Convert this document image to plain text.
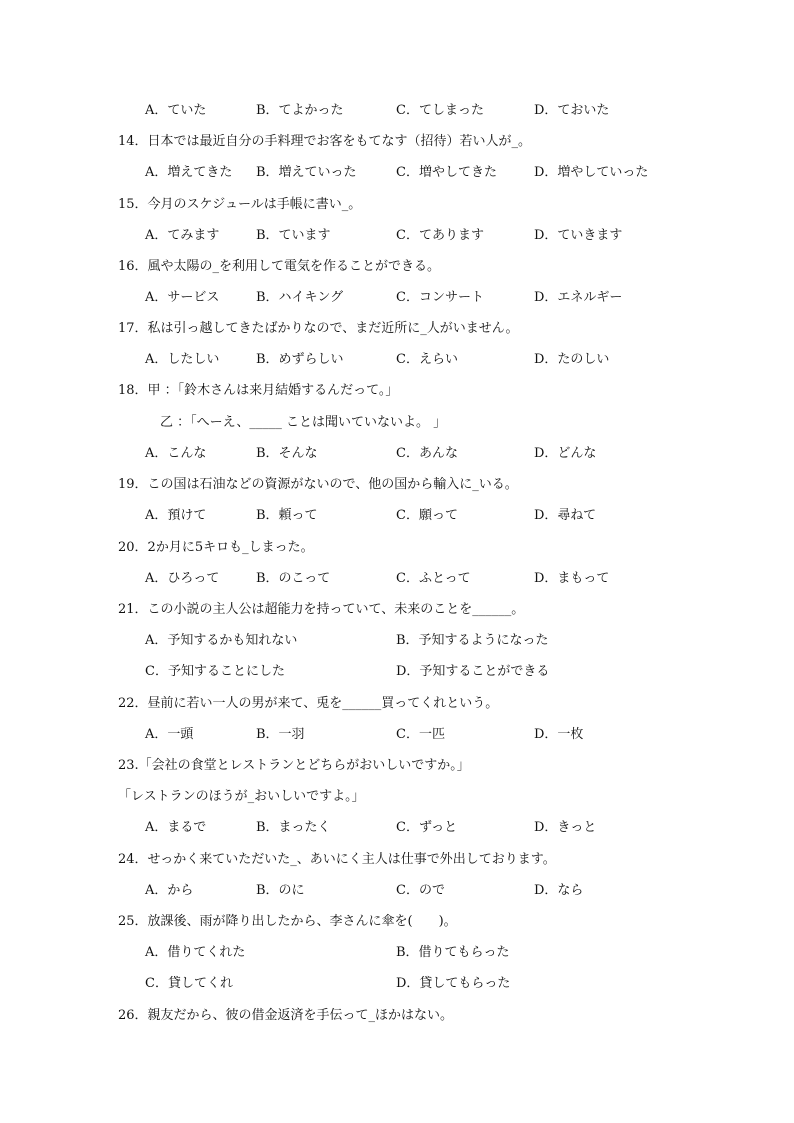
A．ていた	B．てよかった	C．てしまった	D．ておいた
14．日本では最近自分の手料理でお客をもてなす（招待）若い人が_。
A．増えてきた B．増えていった	C．増やしてきた	D．増やしていった
15．今月のスケジュールは手帳に書い_。
A．てみます	B．ています	C．てあります	D．ていきます
16．風や太陽の_を利用して電気を作ることができる。
A．サービス	B．ハイキング	C．コンサート	D．エネルギー
17．私は引っ越してきたばかりなので、まだ近所に_人がいません。
A．したしい	B．めずらしい	C．えらい	D．たのしい
18．甲 ：「鈴木さんは来月結婚するんだって。」
乙 ：「へーえ、_____ ことは聞いていないよ。 」
A．こんな	B．そんな	C．あんな	D．どんな
19．この国は石油などの資源がないので、他の国から輸入に_いる。
A．預けて	B．頼って	C．願って	D．尋ねて
20．2か月に5キロも_しまった。
A．ひろって	B．のこって	C．ふとって	D．まもって
21．この小説の主人公は超能力を持っていて、未来のことを______。
A．予知するかも知れない	B．予知するようになった
C．予知することにした	D．予知することができる
22．昼前に若い一人の男が来て、兎を______買ってくれという。
A．一頭	B．一羽	C．一匹	D．一枚
23.「会社の食堂とレストランとどちらがおいしいですか。」
「レストランのほうが_おいしいですよ。」
A．まるで	B．まったく	C．ずっと	D．きっと
24．せっかく来ていただいた_、あいにく主人は仕事で外出しております。
A．から	B．のに	C．ので	D．なら
25．放課後、雨が降り出したから、李さんに傘を(　　)。
A．借りてくれた	B．借りてもらった
C．貸してくれ	D．貸してもらった
26．親友だから、彼の借金返済を手伝って_ほかはない。
